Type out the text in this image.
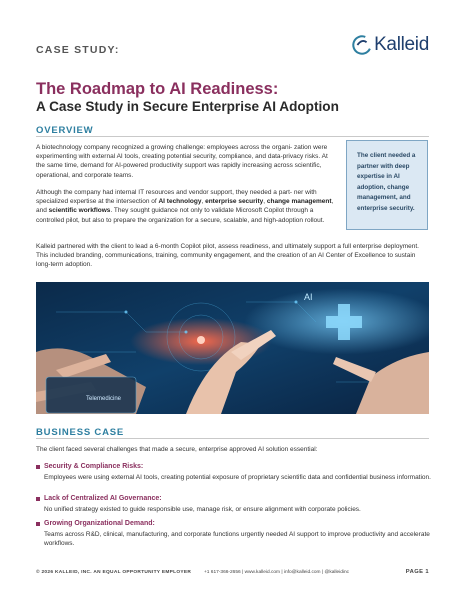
CASE STUDY:	Kalleid
The Roadmap to AI Readiness:
A Case Study in Secure Enterprise AI Adoption
OVERVIEW
A biotechnology company recognized a growing challenge: employees across the organi- zation were experimenting with external AI tools, creating potential security, compliance, and data-privacy risks. At the same time, demand for AI-powered productivity support was rapidly increasing across scientific, operational, and corporate teams.
Although the company had internal IT resources and vendor support, they needed a part- ner with specialized expertise at the intersection of AI technology, enterprise security, change management, and scientific workflows. They sought guidance not only to validate Microsoft Copilot through a controlled pilot, but also to prepare the organization for a secure, scalable, and high-adoption rollout.
The client needed a partner with deep expertise in AI adoption, change management, and enterprise security.
Kalleid partnered with the client to lead a 6-month Copilot pilot, assess readiness, and ultimately support a full enterprise deployment. This included branding, communications, training, community engagement, and the creation of an AI Center of Excellence to sustain long-term adoption.
AI
Telemedicine
BUSINESS CASE
The client faced several challenges that made a secure, enterprise approved AI solution essential:
Security & Compliance Risks:
Employees were using external AI tools, creating potential exposure of proprietary scientific data and confidential business information.
Lack of Centralized AI Governance:
No unified strategy existed to guide responsible use, manage risk, or ensure alignment with corporate policies.
Growing Organizational Demand:
Teams across R&D, clinical, manufacturing, and corporate functions urgently needed AI support to improve productivity and accelerate workflows.
© 2026 KALLEID, INC. AN EQUAL OPPORTUNITY EMPLOYER	+1 617-366-2656 | www.kalleid.com | info@kalleid.com | @kalleidinc	PAGE 1
